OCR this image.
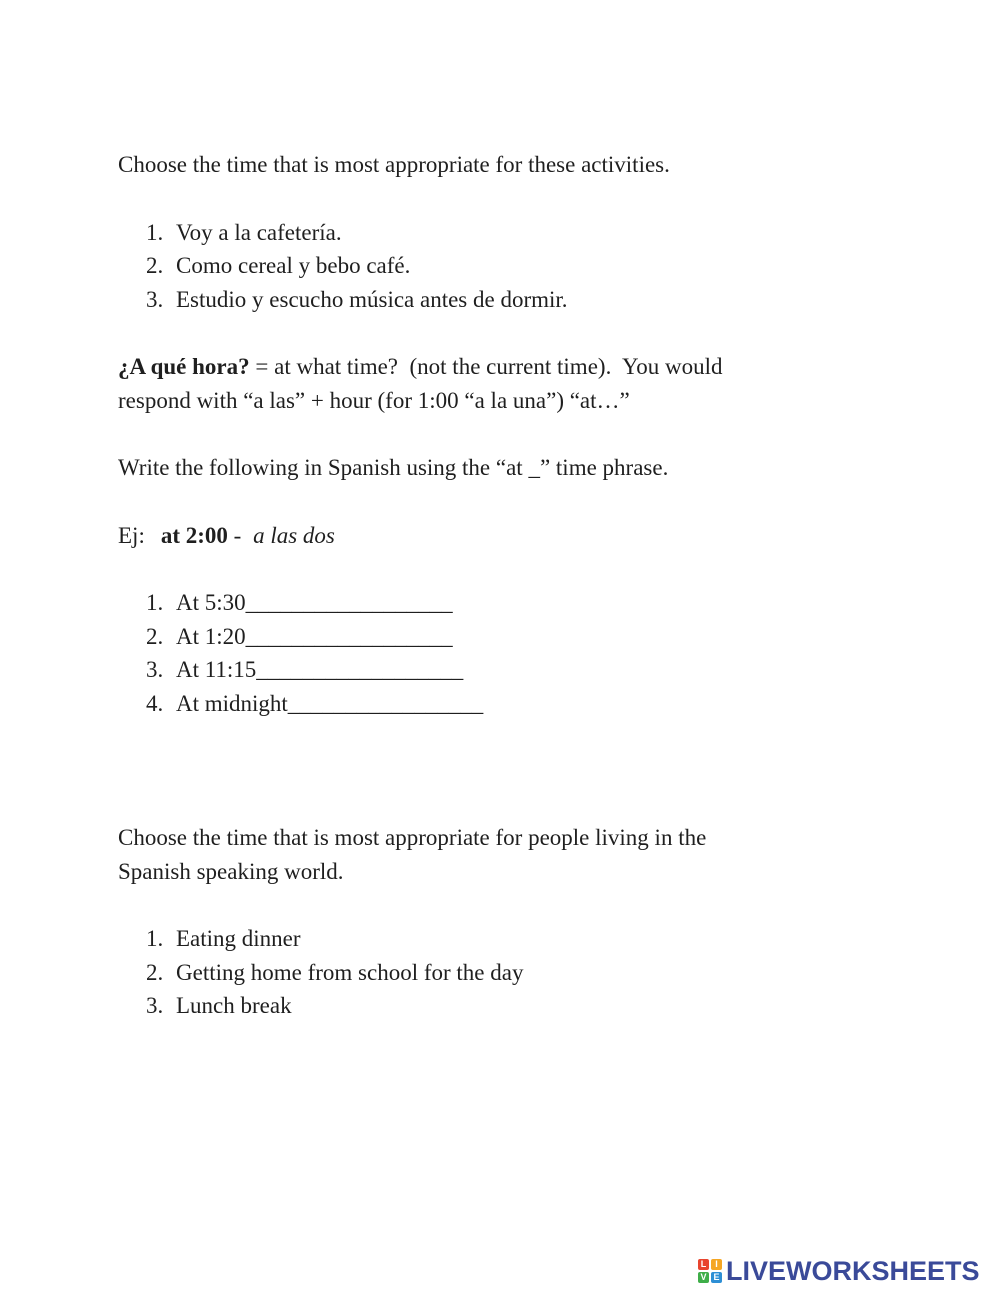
Choose the time that is most appropriate for these activities.
1. Voy a la cafetería.
2. Como cereal y bebo café.
3. Estudio y escucho música antes de dormir.
¿A qué hora? = at what time?  (not the current time).  You would
respond with “a las” + hour (for 1:00 “a la una”) “at…”
Write the following in Spanish using the “at _” time phrase.
Ej: at 2:00 - a las dos
1. At 5:30__________________
2. At 1:20__________________
3. At 11:15__________________
4. At midnight_________________
Choose the time that is most appropriate for people living in the
Spanish speaking world.
1. Eating dinner
2. Getting home from school for the day
3. Lunch break
L I
V E LIVEWORKSHEETS
